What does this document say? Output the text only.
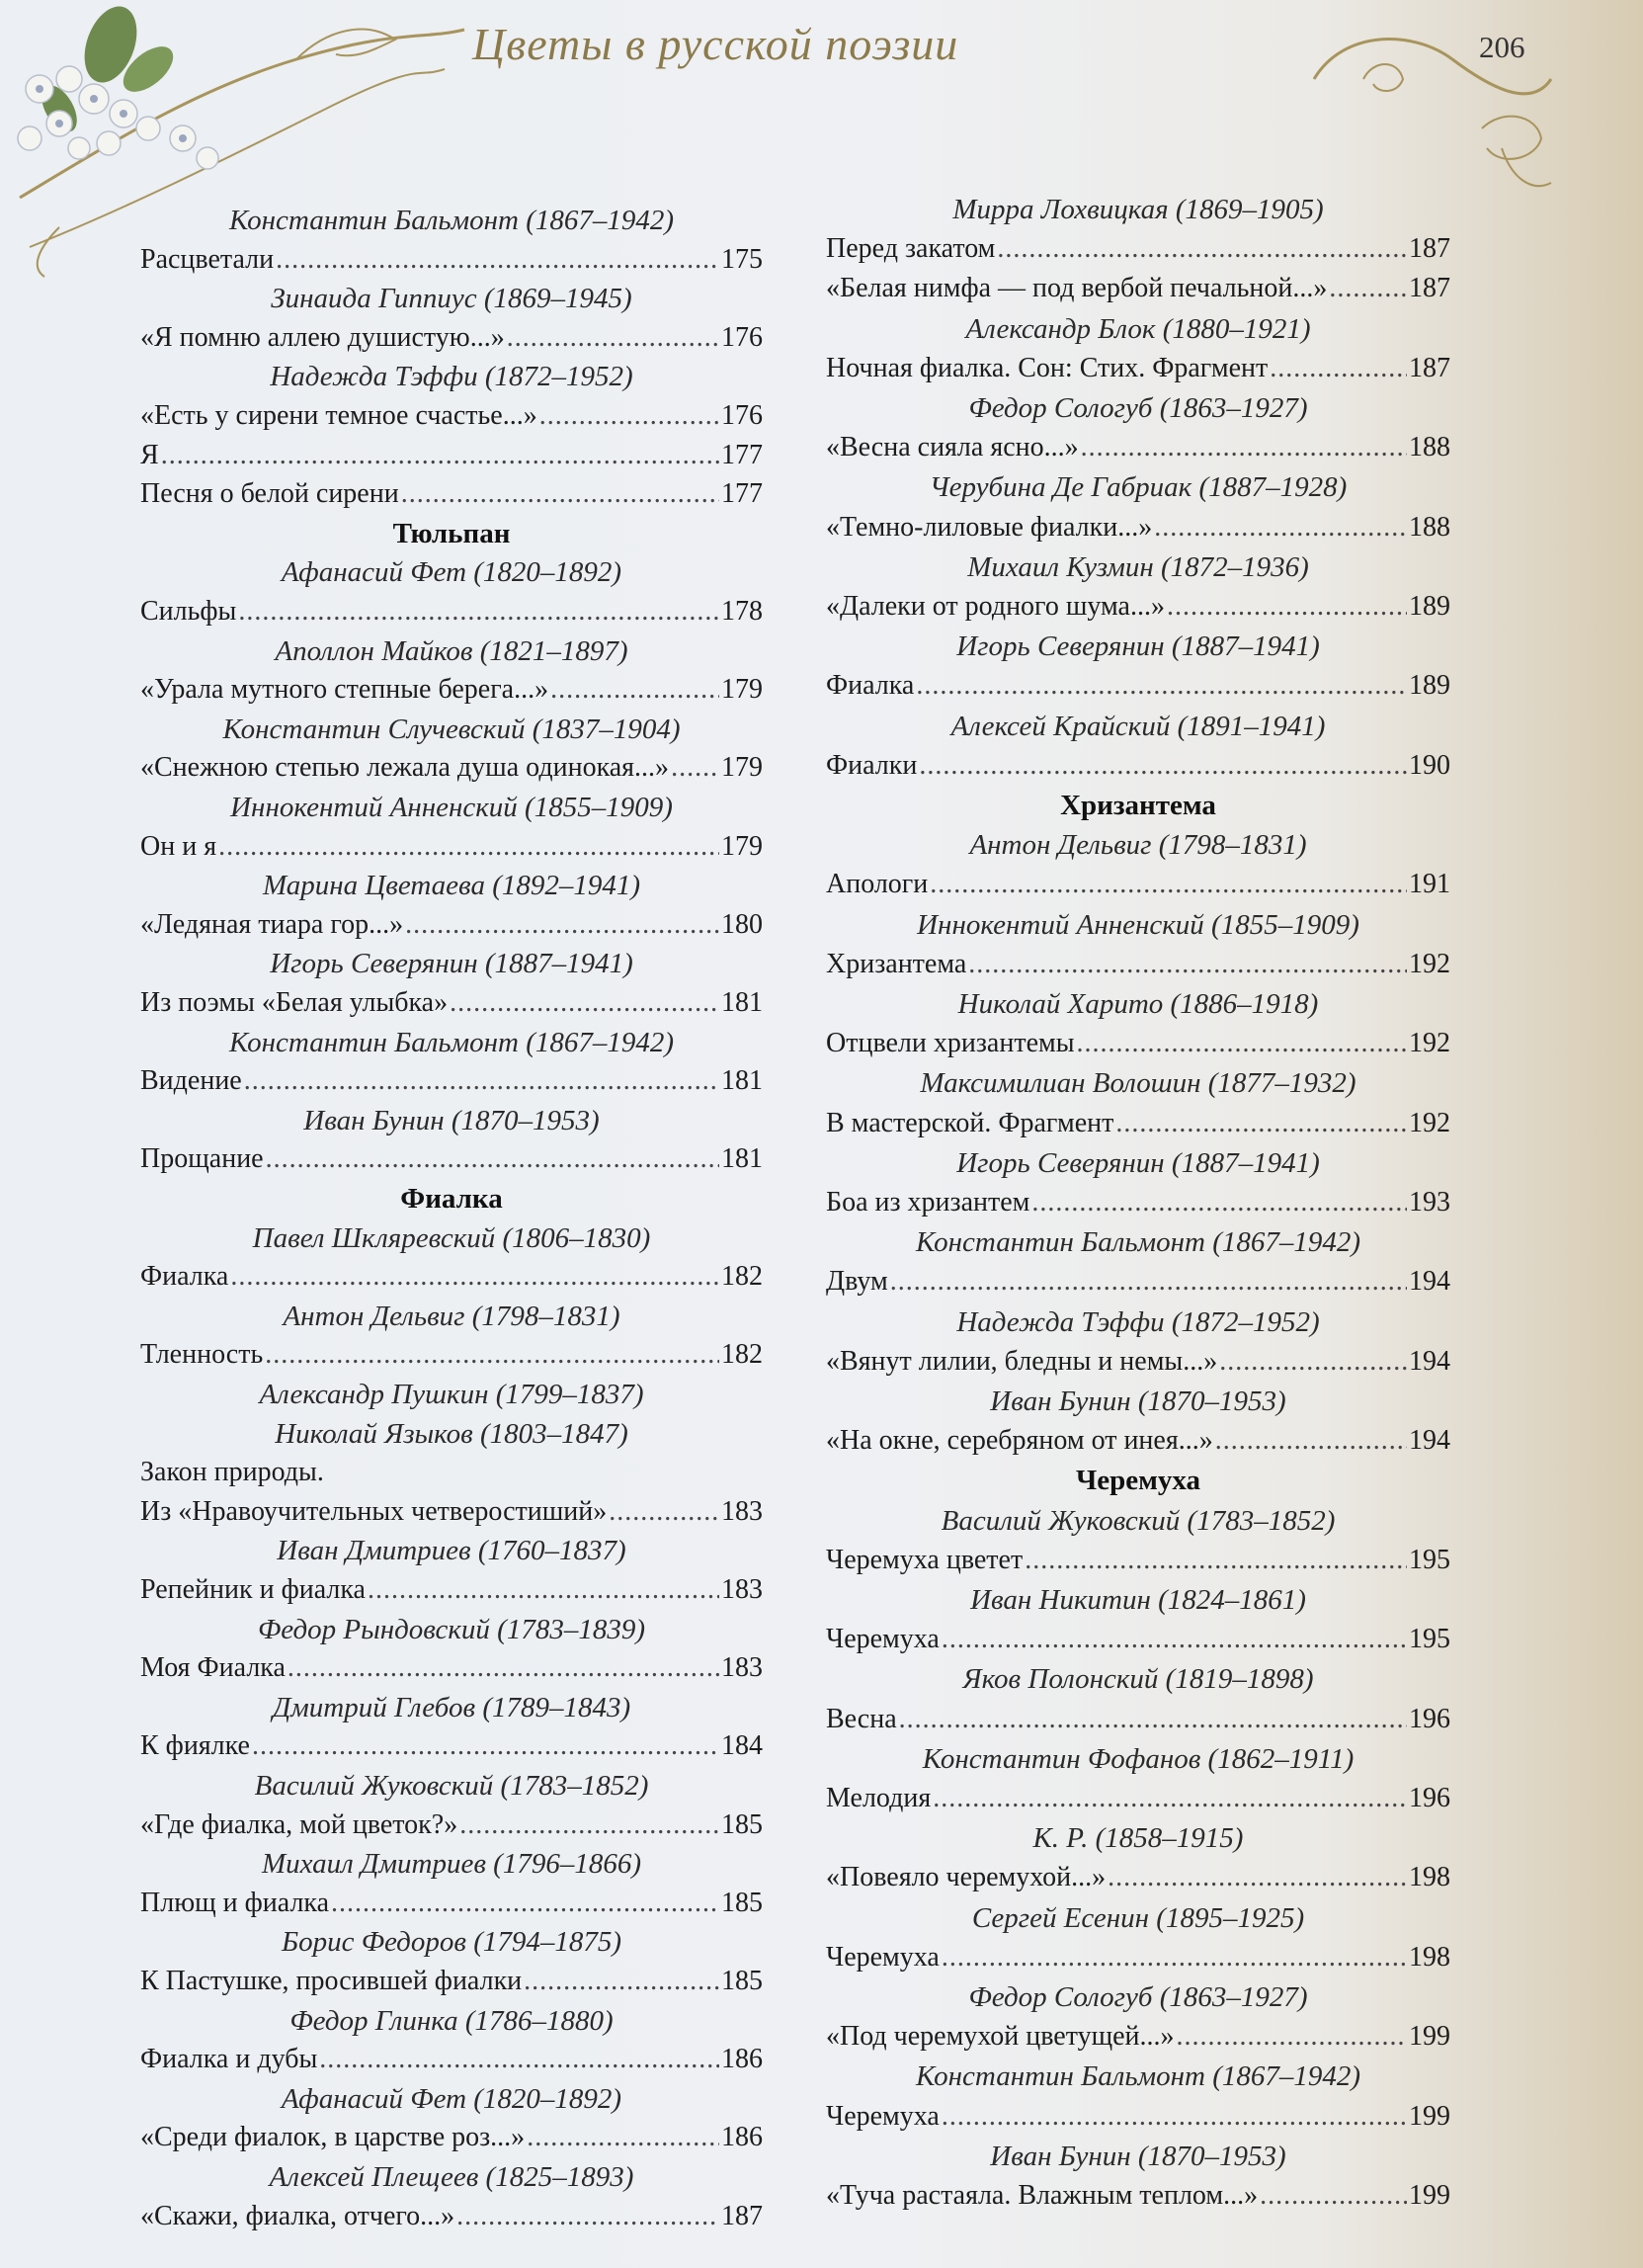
Цветы в русской поэзии	206
Константин Бальмонт (1867–1942)
Расцветали .....	175
Зинаида Гиппиус (1869–1945)
«Я помню аллею душистую...» .....	176
Надежда Тэффи (1872–1952)
«Есть у сирени темное счастье...» .....	176
Я .....	177
Песня о белой сирени .....	177
Тюльпан
Афанасий Фет (1820–1892)
Сильфы .....	178
Аполлон Майков (1821–1897)
«Урала мутного степные берега...» .....	179
Константин Случевский (1837–1904)
«Снежною степью лежала душа одинокая...» ..... 179
Иннокентий Анненский (1855–1909)
Он и я .....	179
Марина Цветаева (1892–1941)
«Ледяная тиара гор...» .....	180
Игорь Северянин (1887–1941)
Из поэмы «Белая улыбка» .....	181
Константин Бальмонт (1867–1942)
Видение .....	181
Иван Бунин (1870–1953)
Прощание .....	181
Фиалка
Павел Шкляревский (1806–1830)
Фиалка .....	182
Антон Дельвиг (1798–1831)
Тленность .....	182
Александр Пушкин (1799–1837)
Николай Языков (1803–1847)
Закон природы.
Из «Нравоучительных четверостиший» .....	183
Иван Дмитриев (1760–1837)
Репейник и фиалка .....	183
Федор Рындовский (1783–1839)
Моя Фиалка .....	183
Дмитрий Глебов (1789–1843)
К фиялке .....	184
Василий Жуковский (1783–1852)
«Где фиалка, мой цветок?» .....	185
Михаил Дмитриев (1796–1866)
Плющ и фиалка .....	185
Борис Федоров (1794–1875)
К Пастушке, просившей фиалки .....	185
Федор Глинка (1786–1880)
Фиалка и дубы .....	186
Афанасий Фет (1820–1892)
«Среди фиалок, в царстве роз...» .....	186
Алексей Плещеев (1825–1893)
«Скажи, фиалка, отчего...» .....	187
Мирра Лохвицкая (1869–1905)
Перед закатом .....	187
«Белая нимфа — под вербой печальной...» .....	187
Александр Блок (1880–1921)
Ночная фиалка. Сон: Стих. Фрагмент .....	187
Федор Сологуб (1863–1927)
«Весна сияла ясно...» .....	188
Черубина Де Габриак (1887–1928)
«Темно-лиловые фиалки...» .....	188
Михаил Кузмин (1872–1936)
«Далеки от родного шума...» .....	189
Игорь Северянин (1887–1941)
Фиалка .....	189
Алексей Крайский (1891–1941)
Фиалки .....	190
Хризантема
Антон Дельвиг (1798–1831)
Апологи .....	191
Иннокентий Анненский (1855–1909)
Хризантема .....	192
Николай Харито (1886–1918)
Отцвели хризантемы .....	192
Максимилиан Волошин (1877–1932)
В мастерской. Фрагмент .....	192
Игорь Северянин (1887–1941)
Боа из хризантем .....	193
Константин Бальмонт (1867–1942)
Двум .....	194
Надежда Тэффи (1872–1952)
«Вянут лилии, бледны и немы...» .....	194
Иван Бунин (1870–1953)
«На окне, серебряном от инея...» .....	194
Черемуха
Василий Жуковский (1783–1852)
Черемуха цветет .....	195
Иван Никитин (1824–1861)
Черемуха .....	195
Яков Полонский (1819–1898)
Весна .....	196
Константин Фофанов (1862–1911)
Мелодия .....	196
К. Р. (1858–1915)
«Повеяло черемухой...» .....	198
Сергей Есенин (1895–1925)
Черемуха .....	198
Федор Сологуб (1863–1927)
«Под черемухой цветущей...» .....	199
Константин Бальмонт (1867–1942)
Черемуха .....	199
Иван Бунин (1870–1953)
«Туча растаяла. Влажным теплом...» .....	199
